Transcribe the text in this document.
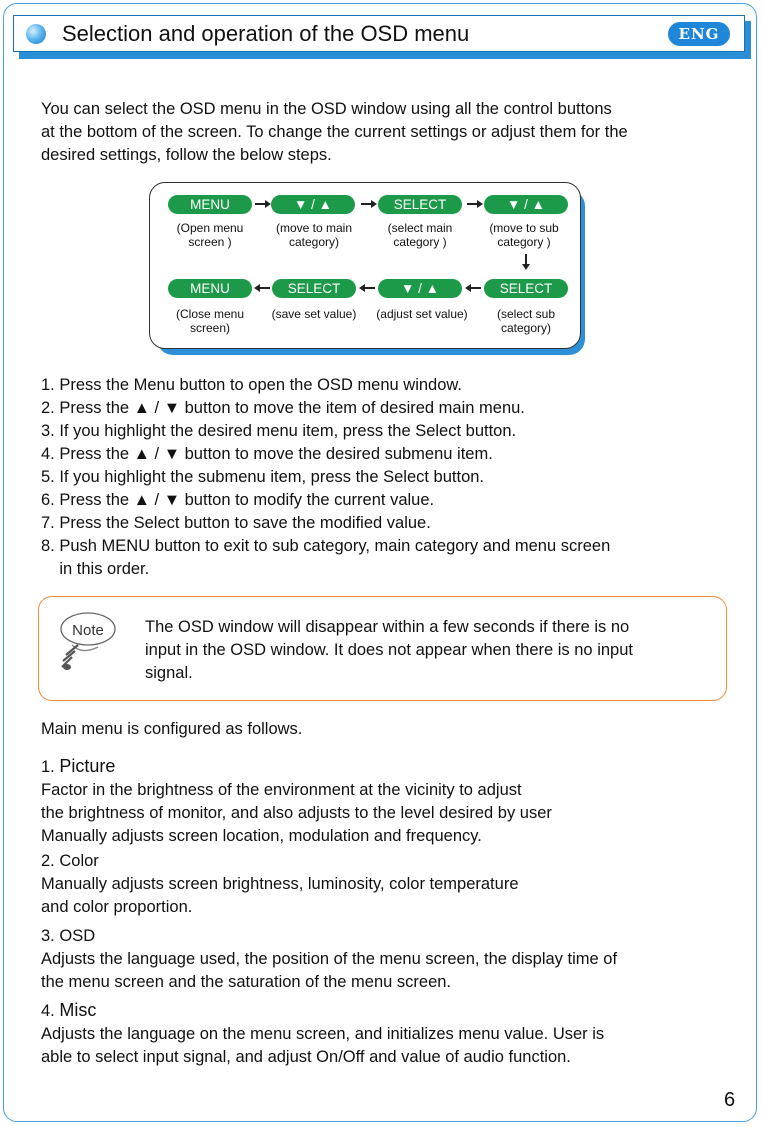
Selection and operation of the OSD menu	ENG
You can select the OSD menu in the OSD window using all the control buttons
at the bottom of the screen. To change the current settings or adjust them for the
desired settings, follow the below steps.
MENU	▼ / ▲	SELECT	▼ / ▲
(Open menu
screen )
(move to main
category)
(select main
category )
(move to sub
category )
MENU	SELECT	▼ / ▲	SELECT
(Close menu
screen)
(save set value)	(adjust set value)	(select sub
category)
1. Press the Menu button to open the OSD menu window.
2. Press the ▲ / ▼ button to move the item of desired main menu.
3. If you highlight the desired menu item, press the Select button.
4. Press the ▲ / ▼ button to move the desired submenu item.
5. If you highlight the submenu item, press the Select button.
6. Press the ▲ / ▼ button to modify the current value.
7. Press the Select button to save the modified value.
8. Push MENU button to exit to sub category, main category and menu screen
in this order.
Note The OSD window will disappear within a few seconds if there is no
input in the OSD window. It does not appear when there is no input
signal.
Main menu is configured as follows.
1. Picture
Factor in the brightness of the environment at the vicinity to adjust
the brightness of monitor, and also adjusts to the level desired by user
Manually adjusts screen location, modulation and frequency.
2. Color
Manually adjusts screen brightness, luminosity, color temperature
and color proportion.
3. OSD
Adjusts the language used, the position of the menu screen, the display time of
the menu screen and the saturation of the menu screen.
4. Misc
Adjusts the language on the menu screen, and initializes menu value. User is
able to select input signal, and adjust On/Off and value of audio function.
6
